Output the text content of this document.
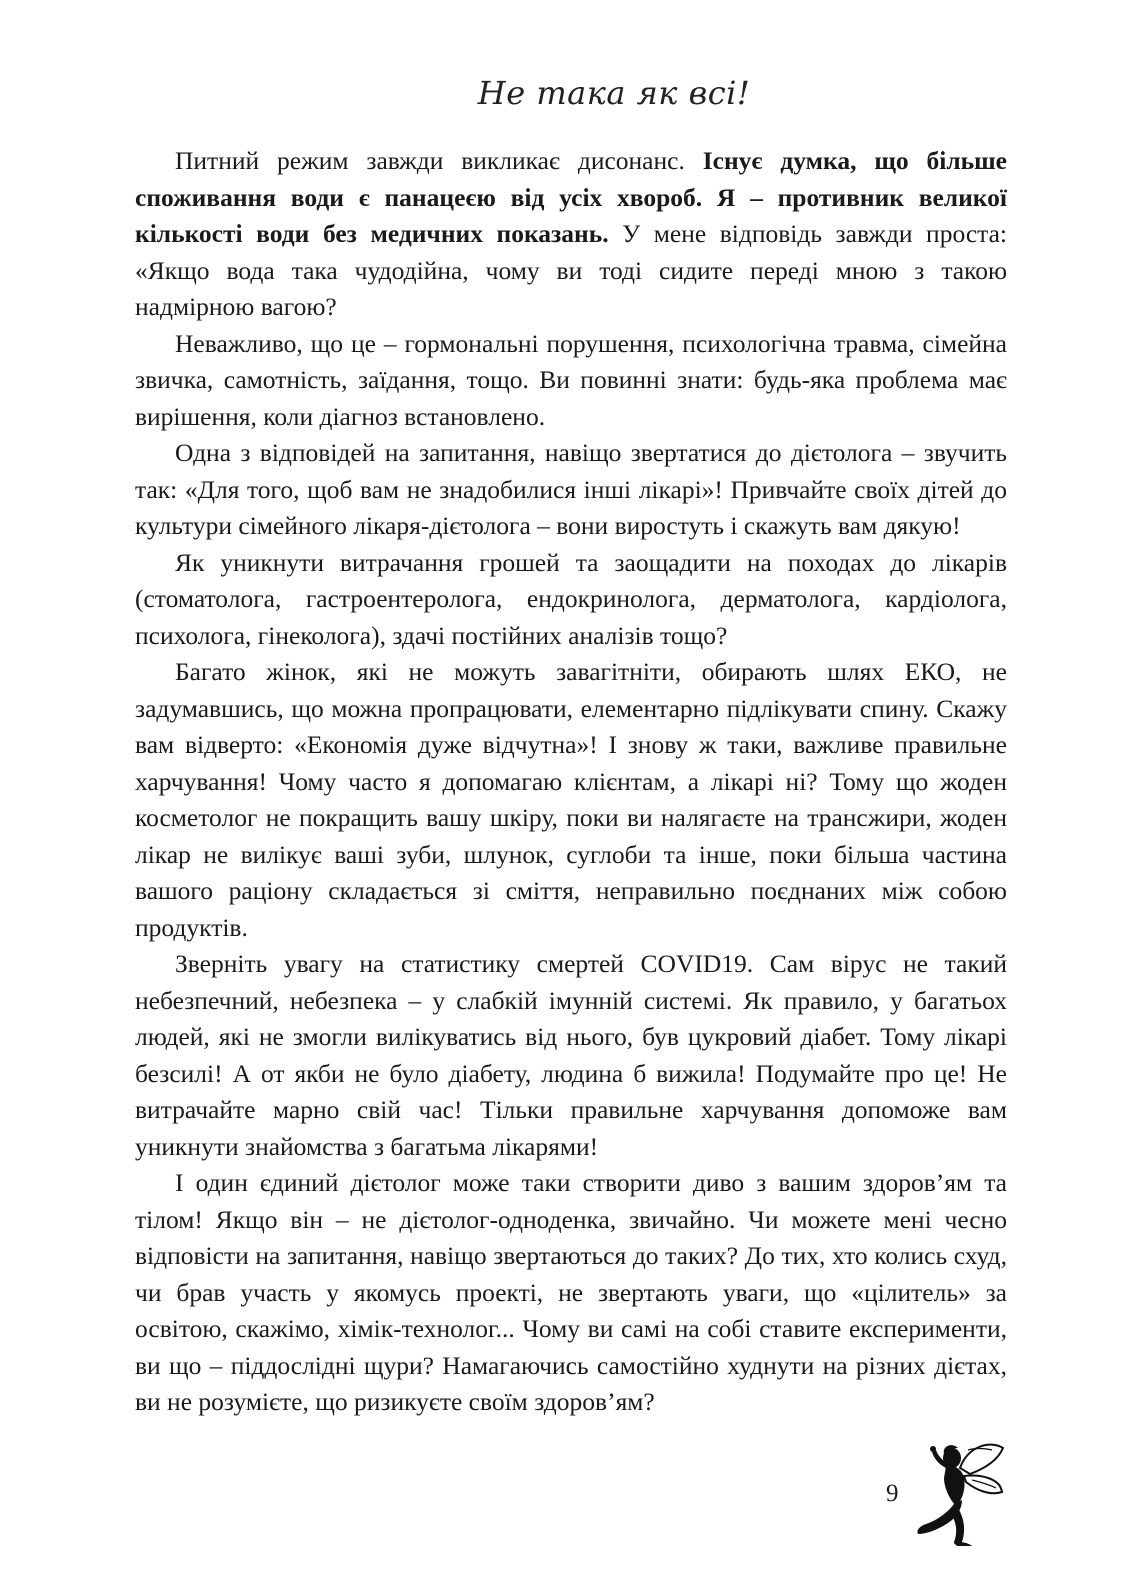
Не така як всі!

Питний режим завжди викликає дисонанс. Існує думка, що більше споживання води є панацеєю від усіх хвороб. Я – противник великої кількості води без медичних показань. У мене відповідь завжди проста: «Якщо вода така чудодійна, чому ви тоді сидите переді мною з такою надмірною вагою?

Неважливо, що це – гормональні порушення, психологічна травма, сімейна звичка, самотність, заїдання, тощо. Ви повинні знати: будь-яка проблема має вирішення, коли діагноз встановлено.

Одна з відповідей на запитання, навіщо звертатися до дієтолога – звучить так: «Для того, щоб вам не знадобилися інші лікарі»! Привчайте своїх дітей до культури сімейного лікаря-дієтолога – вони виростуть і скажуть вам дякую!

Як уникнути витрачання грошей та заощадити на походах до лікарів (стоматолога, гастроентеролога, ендокринолога, дерматолога, кардіолога, психолога, гінеколога), здачі постійних аналізів тощо?

Багато жінок, які не можуть завагітніти, обирають шлях ЕКО, не задумавшись, що можна пропрацювати, елементарно підлікувати спину. Скажу вам відверто: «Економія дуже відчутна»! І знову ж таки, важливе правильне харчування! Чому часто я допомагаю клієнтам, а лікарі ні? Тому що жоден косметолог не покращить вашу шкіру, поки ви налягаєте на трансжири, жоден лікар не вилікує ваші зуби, шлунок, суглоби та інше, поки більша частина вашого раціону складається зі сміття, неправильно поєднаних між собою продуктів.

Зверніть увагу на статистику смертей COVID19. Сам вірус не такий небезпечний, небезпека – у слабкій імунній системі. Як правило, у багатьох людей, які не змогли вилікуватись від нього, був цукровий діабет. Тому лікарі безсилі! А от якби не було діабету, людина б вижила! Подумайте про це! Не витрачайте марно свій час! Тільки правильне харчування допоможе вам уникнути знайомства з багатьма лікарями!

І один єдиний дієтолог може таки створити диво з вашим здоров’ям та тілом! Якщо він – не дієтолог-одноденка, звичайно. Чи можете мені чесно відповісти на запитання, навіщо звертаються до таких? До тих, хто колись схуд, чи брав участь у якомусь проекті, не звертають уваги, що «цілитель» за освітою, скажімо, хімік-технолог... Чому ви самі на собі ставите експерименти, ви що – піддослідні щури? Намагаючись самостійно худнути на різних дієтах, ви не розумієте, що ризикуєте своїм здоров’ям?

9
